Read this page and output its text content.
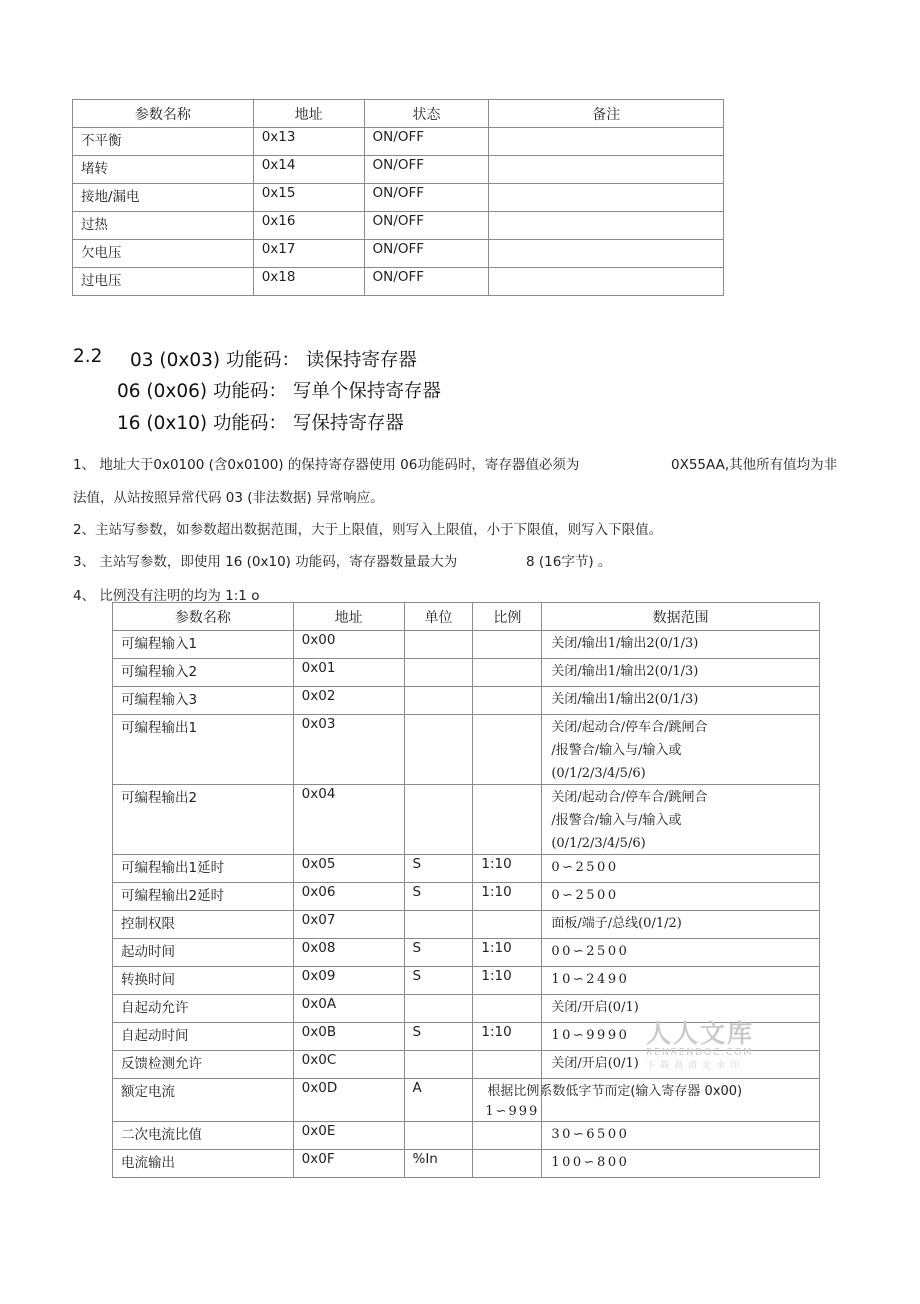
参数名称	地址	状态	备注

不平衡	0x13	ON/OFF	

堵转	0x14	ON/OFF	

接地/漏电	0x15	ON/OFF	

过热	0x16	ON/OFF	

欠电压	0x17	ON/OFF	

过电压	0x18	ON/OFF	

2.2 03 (0x03) 功能码： 读保持寄存器
06 (0x06) 功能码： 写单个保持寄存器
16 (0x10) 功能码： 写保持寄存器
1、 地址大于0x0100 (含0x0100) 的保持寄存器使用 06功能码时，寄存器值必须为	0X55AA,其他所有值均为非
法值，从站按照异常代码 03 (非法数据) 异常响应。
2、主站写参数，如参数超出数据范围，大于上限值，则写入上限值，小于下限值，则写入下限值。
3、 主站写参数，即使用 16 (0x10) 功能码，寄存器数量最大为	8 (16字节) 。
4、 比例没有注明的均为 1:1 o
参数名称	地址	单位	比例	数据范围

可编程输入1	0x00			关闭/输出1/输出2(0/1/3)

可编程输入2	0x01			关闭/输出1/输出2(0/1/3)

可编程输入3	0x02			关闭/输出1/输出2(0/1/3)

可编程输出1	0x03			关闭/起动合/停车合/跳闸合
/报警合/输入与/输入或
(0/1/2/3/4/5/6)

可编程输出2	0x04			关闭/起动合/停车合/跳闸合
/报警合/输入与/输入或
(0/1/2/3/4/5/6)

可编程输出1延时	0x05	S	1:10	0∽2500

可编程输出2延时	0x06	S	1:10	0∽2500

控制权限	0x07			面板/端子/总线(0/1/2)

起动时间	0x08	S	1:10	00∽2500

转换时间	0x09	S	1:10	10∽2490

自起动允许	0x0A			关闭/开启(0/1)

自起动时间	0x0B	S	1:10	10∽9990

反馈检测允许	0x0C			关闭/开启(0/1)

额定电流	0x0D	A		根据比例系数低字节而定(输入寄存器 0x00)
1∽999

二次电流比值	0x0E			30∽6500

电流输出	0x0F	%In		100∽800
人人文库
RENRENDOC.COM
下载高清无水印
